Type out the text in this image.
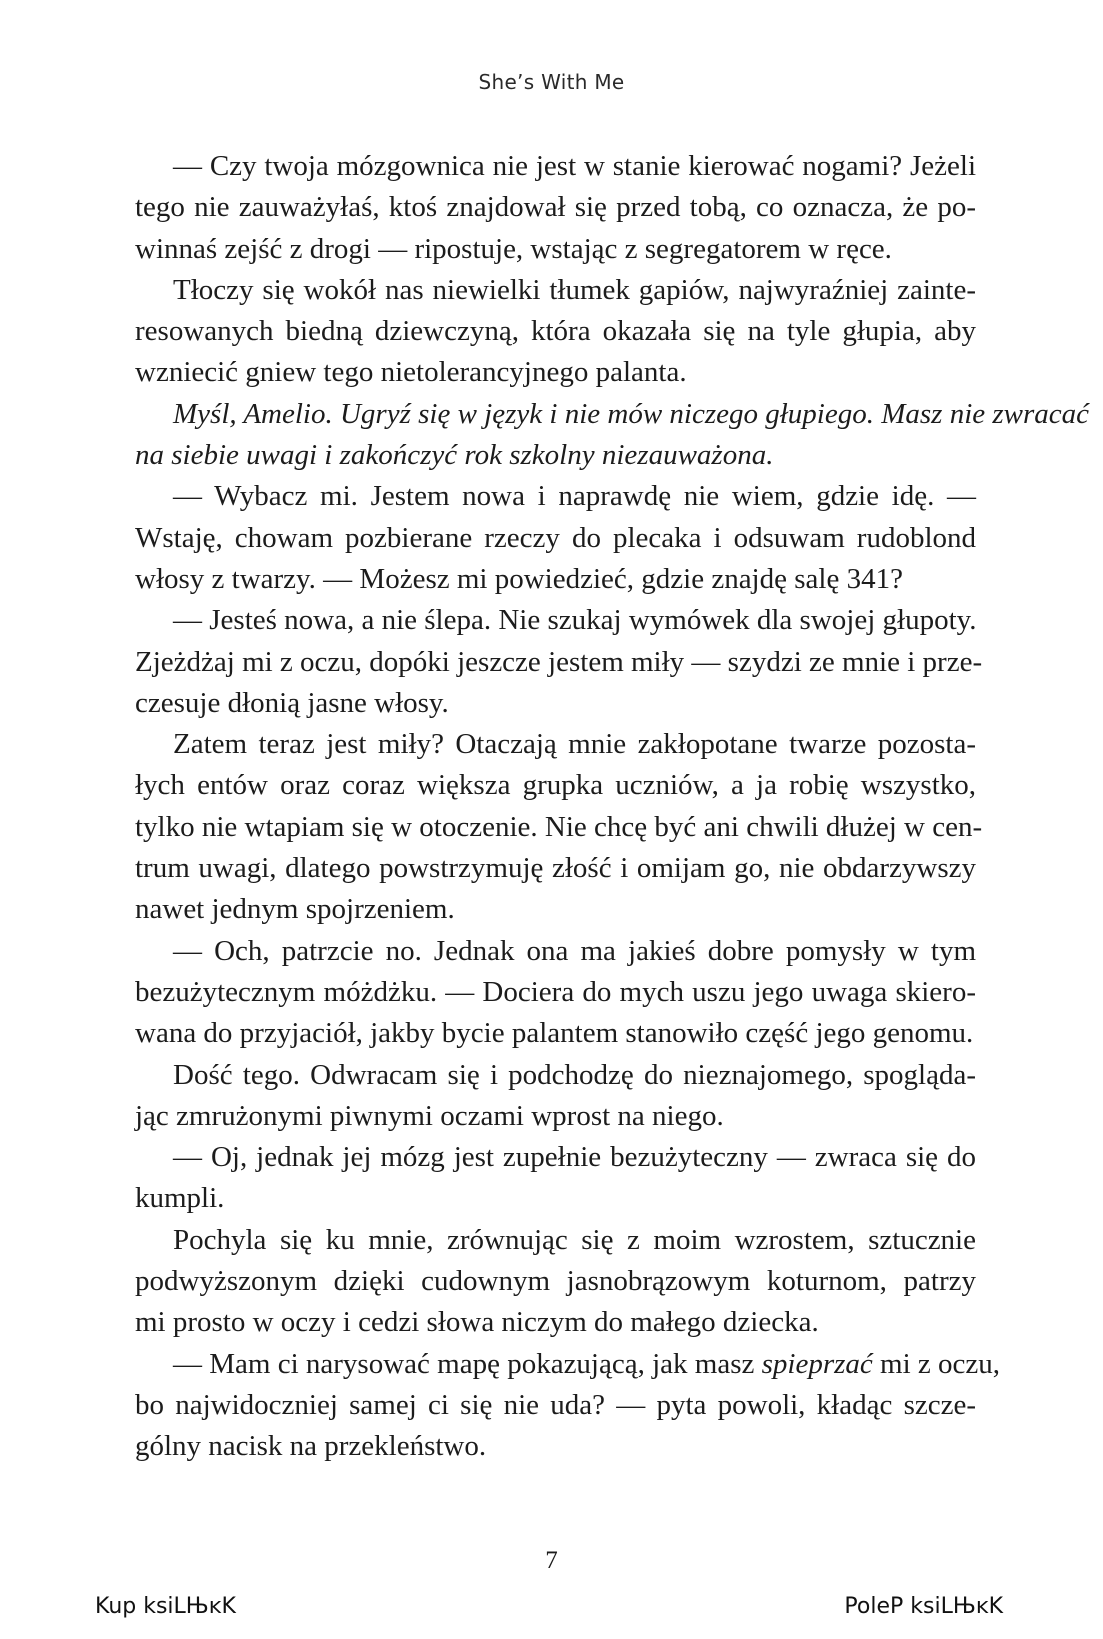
She’s With Me
— Czy twoja mózgownica nie jest w stanie kierować nogami? Jeżeli
tego nie zauważyłaś, ktoś znajdował się przed tobą, co oznacza, że po-
winnaś zejść z drogi — ripostuje, wstając z segregatorem w ręce.
Tłoczy się wokół nas niewielki tłumek gapiów, najwyraźniej zainte-
resowanych biedną dziewczyną, która okazała się na tyle głupia, aby
wzniecić gniew tego nietolerancyjnego palanta.
Myśl, Amelio. Ugryź się w język i nie mów niczego głupiego. Masz nie zwracać
na siebie uwagi i zakończyć rok szkolny niezauważona.
— Wybacz mi. Jestem nowa i naprawdę nie wiem, gdzie idę. —
Wstaję, chowam pozbierane rzeczy do plecaka i odsuwam rudoblond
włosy z twarzy. — Możesz mi powiedzieć, gdzie znajdę salę 341?
— Jesteś nowa, a nie ślepa. Nie szukaj wymówek dla swojej głupoty.
Zjeżdżaj mi z oczu, dopóki jeszcze jestem miły — szydzi ze mnie i prze-
czesuje dłonią jasne włosy.
Zatem teraz jest miły? Otaczają mnie zakłopotane twarze pozosta-
łych entów oraz coraz większa grupka uczniów, a ja robię wszystko,
tylko nie wtapiam się w otoczenie. Nie chcę być ani chwili dłużej w cen-
trum uwagi, dlatego powstrzymuję złość i omijam go, nie obdarzywszy
nawet jednym spojrzeniem.
— Och, patrzcie no. Jednak ona ma jakieś dobre pomysły w tym
bezużytecznym móżdżku. — Dociera do mych uszu jego uwaga skiero-
wana do przyjaciół, jakby bycie palantem stanowiło część jego genomu.
Dość tego. Odwracam się i podchodzę do nieznajomego, spogląda-
jąc zmrużonymi piwnymi oczami wprost na niego.
— Oj, jednak jej mózg jest zupełnie bezużyteczny — zwraca się do
kumpli.
Pochyla się ku mnie, zrównując się z moim wzrostem, sztucznie
podwyższonym dzięki cudownym jasnobrązowym koturnom, patrzy
mi prosto w oczy i cedzi słowa niczym do małego dziecka.
— Mam ci narysować mapę pokazującą, jak masz spieprzać mi z oczu,
bo najwidoczniej samej ci się nie uda? — pyta powoli, kładąc szcze-
gólny nacisk na przekleństwo.
7
Kup ksiLЊĸK	PoleP ksiLЊĸK
